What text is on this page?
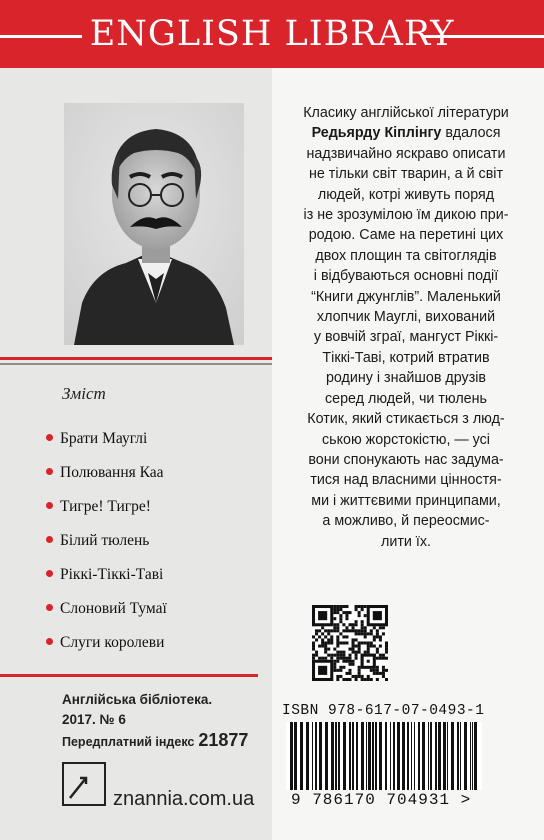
ENGLISH LIBRARY
Зміст
Брати Мауглі
Полювання Каа
Тигре! Тигре!
Білий тюлень
Ріккі-Тіккі-Таві
Слоновий Тумаї
Слуги королеви
Англійська бібліотека.
2017. № 6
Передплатний індекс 21877
znannia.com.ua
Класику англійської літератури
Редьярду Кіплінгу вдалося
надзвичайно яскраво описати
не тільки світ тварин, а й світ
людей, котрі живуть поряд
із не зрозумілою їм дикою при-
родою. Саме на перетині цих
двох площин та світоглядів
і відбуваються основні події
“Книги джунглів”. Маленький
хлопчик Мауглі, вихований
у вовчій зграї, мангуст Ріккі-
Тіккі-Таві, котрий втратив
родину і знайшов друзів
серед людей, чи тюлень
Котик, який стикається з люд-
ською жорстокістю, — усі
вони спонукають нас задума-
тися над власними цінностя-
ми і життєвими принципами,
а можливо, й переосмис-
лити їх.
ISBN 978-617-07-0493-1
9 786170 704931 >
